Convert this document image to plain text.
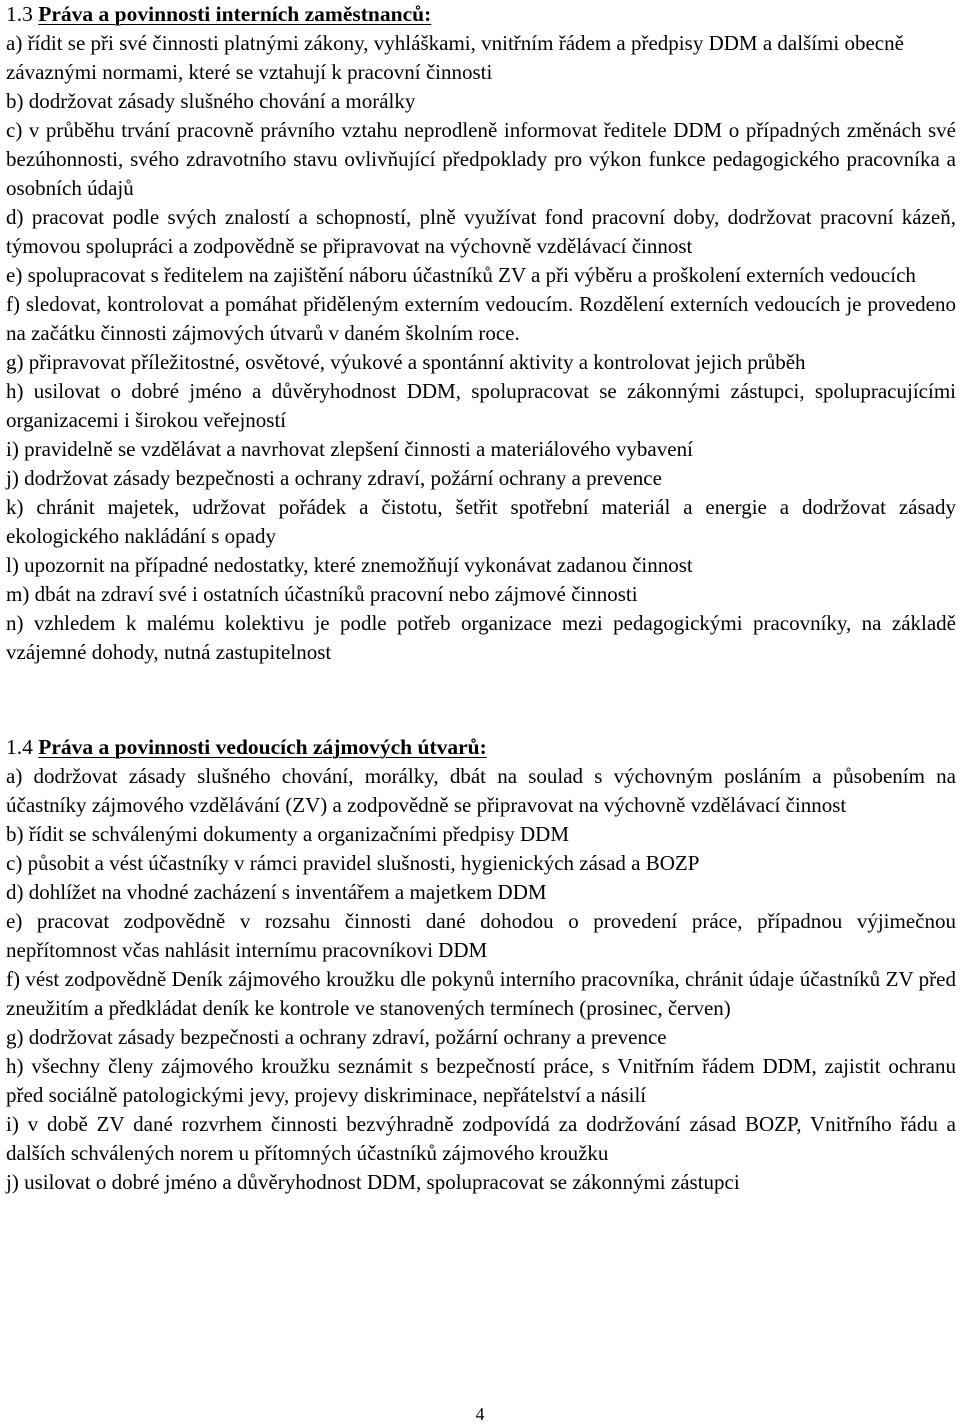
1.3 Práva a povinnosti interních zaměstnanců:

a) řídit se při své činnosti platnými zákony, vyhláškami, vnitřním řádem a předpisy DDM a dalšími obecně závaznými normami, které se vztahují k pracovní činnosti

b) dodržovat zásady slušného chování a morálky

c) v průběhu trvání pracovně právního vztahu neprodleně informovat ředitele DDM o případných změnách své bezúhonnosti, svého zdravotního stavu ovlivňující předpoklady pro výkon funkce pedagogického pracovníka a osobních údajů

d) pracovat podle svých znalostí a schopností, plně využívat fond pracovní doby, dodržovat pracovní kázeň, týmovou spolupráci a zodpovědně se připravovat na výchovně vzdělávací činnost

e) spolupracovat s ředitelem na zajištění náboru účastníků ZV a při výběru a proškolení externích vedoucích

f) sledovat, kontrolovat a pomáhat přiděleným externím vedoucím. Rozdělení externích vedoucích je provedeno na začátku činnosti zájmových útvarů v daném školním roce.

g) připravovat příležitostné, osvětové, výukové a spontánní aktivity a kontrolovat jejich průběh

h) usilovat o dobré jméno a důvěryhodnost DDM, spolupracovat se zákonnými zástupci, spolupracujícími organizacemi i širokou veřejností

i) pravidelně se vzdělávat a navrhovat zlepšení činnosti a materiálového vybavení

j) dodržovat zásady bezpečnosti a ochrany zdraví, požární ochrany a prevence

k) chránit majetek, udržovat pořádek a čistotu, šetřit spotřební materiál a energie a dodržovat zásady ekologického nakládání s opady

l) upozornit na případné nedostatky, které znemožňují vykonávat zadanou činnost

m) dbát na zdraví své i ostatních účastníků pracovní nebo zájmové činnosti

n) vzhledem k malému kolektivu je podle potřeb organizace mezi pedagogickými pracovníky, na základě vzájemné dohody, nutná zastupitelnost

1.4 Práva a povinnosti vedoucích zájmových útvarů:

a) dodržovat zásady slušného chování, morálky, dbát na soulad s výchovným posláním a působením na účastníky zájmového vzdělávání (ZV) a zodpovědně se připravovat na výchovně vzdělávací činnost

b) řídit se schválenými dokumenty a organizačními předpisy DDM

c) působit a vést účastníky v rámci pravidel slušnosti, hygienických zásad a BOZP

d) dohlížet na vhodné zacházení s inventářem a majetkem DDM

e) pracovat zodpovědně v rozsahu činnosti dané dohodou o provedení práce, případnou výjimečnou nepřítomnost včas nahlásit internímu pracovníkovi DDM

f) vést zodpovědně Deník zájmového kroužku dle pokynů interního pracovníka, chránit údaje účastníků ZV před zneužitím a předkládat deník ke kontrole ve stanovených termínech (prosinec, červen)

g) dodržovat zásady bezpečnosti a ochrany zdraví, požární ochrany a prevence

h) všechny členy zájmového kroužku seznámit s bezpečností práce, s Vnitřním řádem DDM, zajistit ochranu před sociálně patologickými jevy, projevy diskriminace, nepřátelství a násilí

i) v době ZV dané rozvrhem činnosti bezvýhradně zodpovídá za dodržování zásad BOZP, Vnitřního řádu a dalších schválených norem u přítomných účastníků zájmového kroužku

j) usilovat o dobré jméno a důvěryhodnost DDM, spolupracovat se zákonnými zástupci

4
